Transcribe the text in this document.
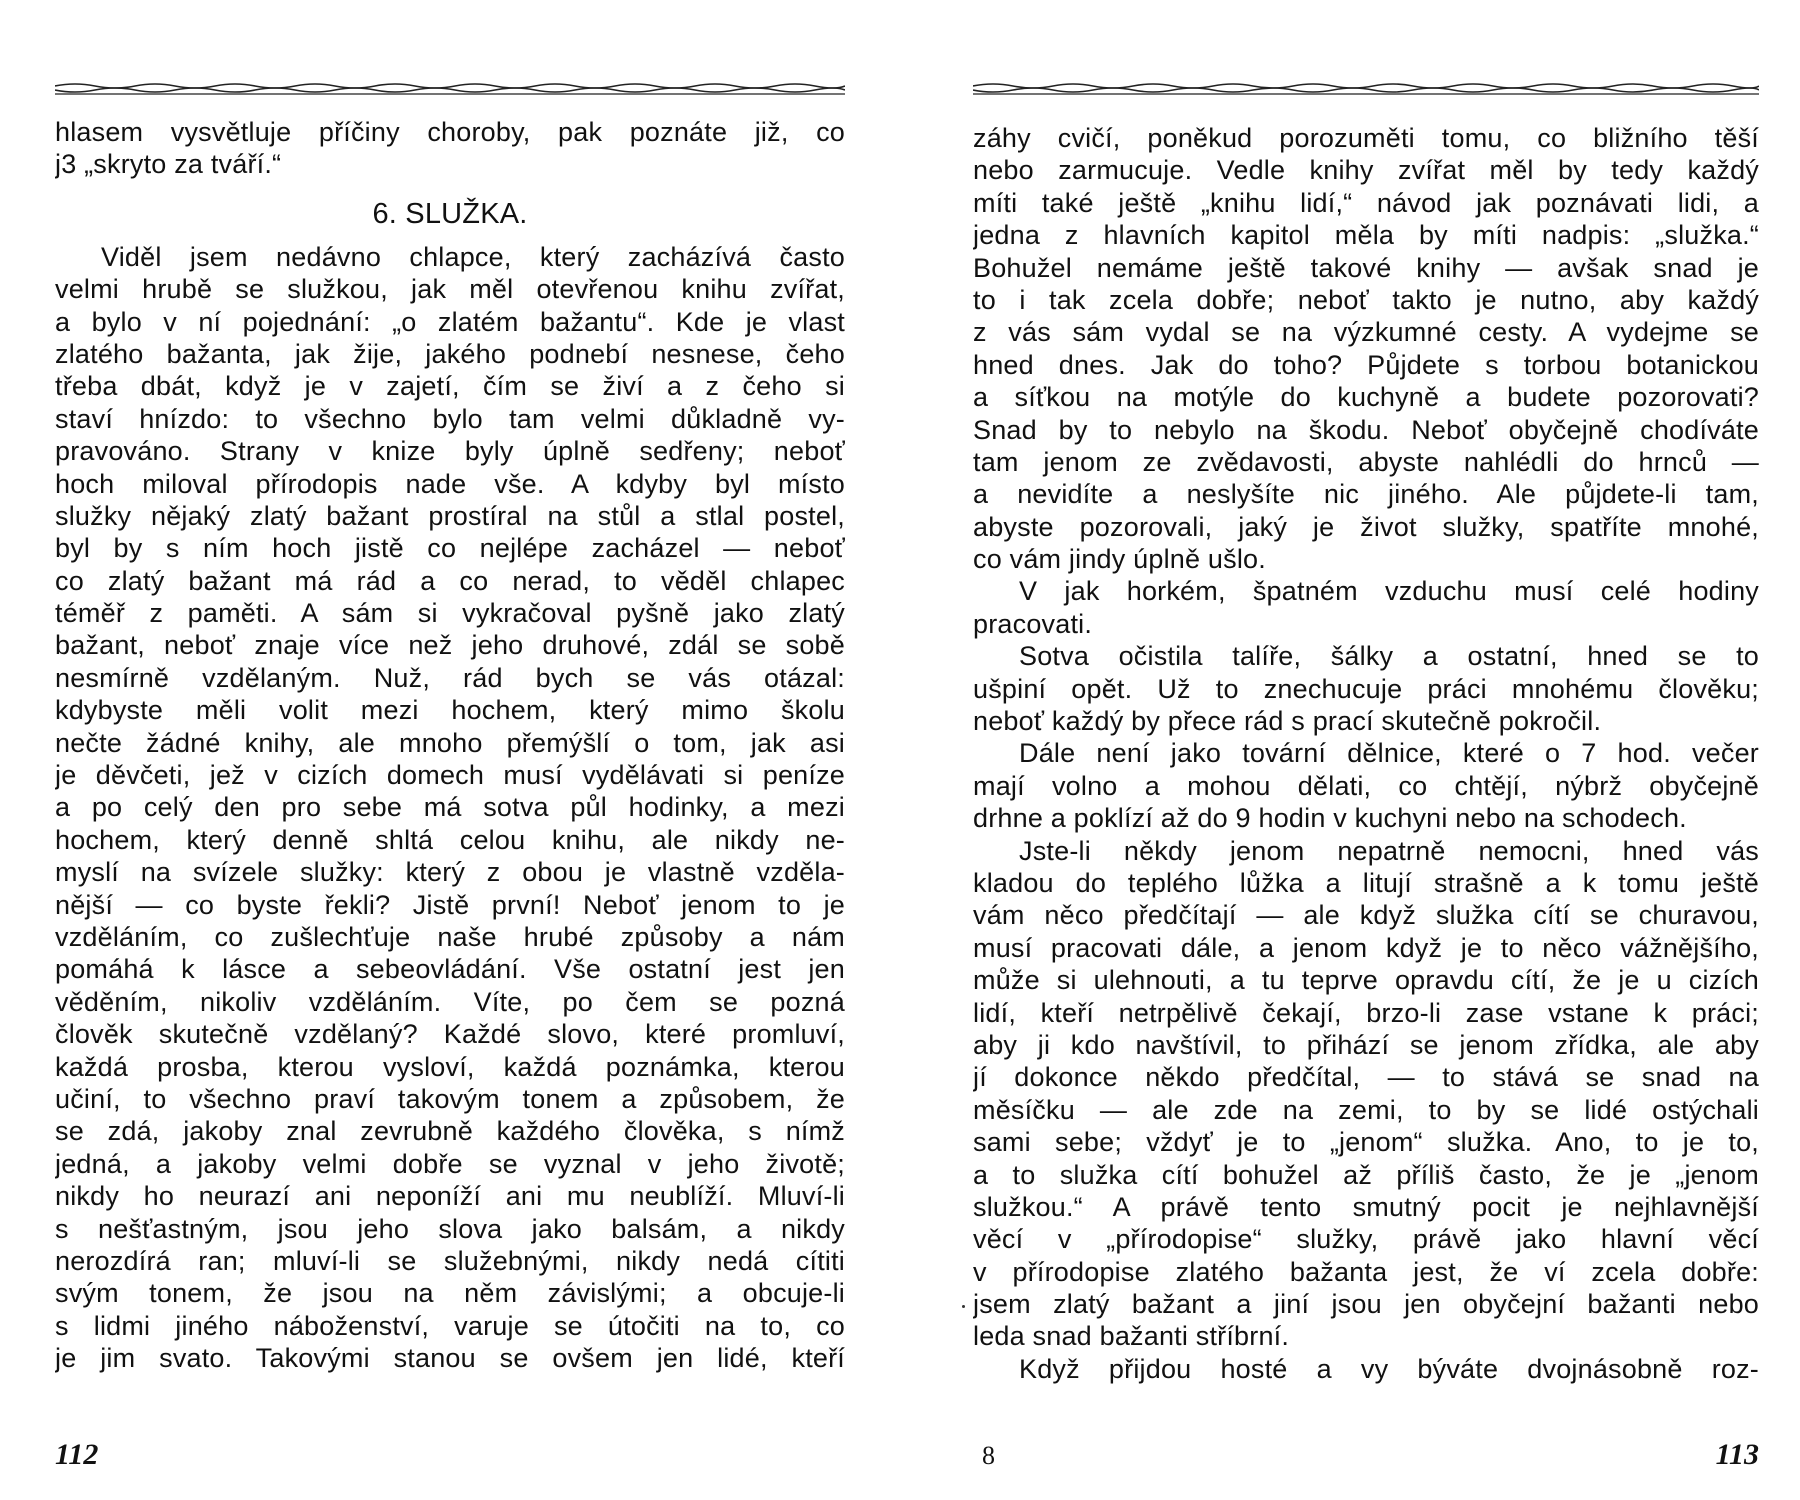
hlasem vysvětluje příčiny choroby, pak poznáte již, co
j3 „skryto za tváří.“
6. SLUŽKA.
Viděl jsem nedávno chlapce, který zacházívá často
velmi hrubě se služkou, jak měl otevřenou knihu zvířat,
a bylo v ní pojednání: „o zlatém bažantu“. Kde je vlast
zlatého bažanta, jak žije, jakého podnebí nesnese, čeho
třeba dbát, když je v zajetí, čím se živí a z čeho si
staví hnízdo: to všechno bylo tam velmi důkladně vy-
pravováno. Strany v knize byly úplně sedřeny; neboť
hoch miloval přírodopis nade vše. A kdyby byl místo
služky nějaký zlatý bažant prostíral na stůl a stlal postel,
byl by s ním hoch jistě co nejlépe zacházel — neboť
co zlatý bažant má rád a co nerad, to věděl chlapec
téměř z paměti. A sám si vykračoval pyšně jako zlatý
bažant, neboť znaje více než jeho druhové, zdál se sobě
nesmírně vzdělaným. Nuž, rád bych se vás otázal:
kdybyste měli volit mezi hochem, který mimo školu
nečte žádné knihy, ale mnoho přemýšlí o tom, jak asi
je děvčeti, jež v cizích domech musí vydělávati si peníze
a po celý den pro sebe má sotva půl hodinky, a mezi
hochem, který denně shltá celou knihu, ale nikdy ne-
myslí na svízele služky: který z obou je vlastně vzděla-
nější — co byste řekli? Jistě první! Neboť jenom to je
vzděláním, co zušlechťuje naše hrubé způsoby a nám
pomáhá k lásce a sebeovládání. Vše ostatní jest jen
věděním, nikoliv vzděláním. Víte, po čem se pozná
člověk skutečně vzdělaný? Každé slovo, které promluví,
každá prosba, kterou vysloví, každá poznámka, kterou
učiní, to všechno praví takovým tonem a způsobem, že
se zdá, jakoby znal zevrubně každého člověka, s nímž
jedná, a jakoby velmi dobře se vyznal v jeho životě;
nikdy ho neurazí ani neponíží ani mu neublíží. Mluví-li
s nešťastným, jsou jeho slova jako balsám, a nikdy
nerozdírá ran; mluví-li se služebnými, nikdy nedá cítiti
svým tonem, že jsou na něm závislými; a obcuje-li
s lidmi jiného náboženství, varuje se útočiti na to, co
je jim svato. Takovými stanou se ovšem jen lidé, kteří
112
záhy cvičí, poněkud porozuměti tomu, co bližního těší
nebo zarmucuje. Vedle knihy zvířat měl by tedy každý
míti také ještě „knihu lidí,“ návod jak poznávati lidi, a
jedna z hlavních kapitol měla by míti nadpis: „služka.“
Bohužel nemáme ještě takové knihy — avšak snad je
to i tak zcela dobře; neboť takto je nutno, aby každý
z vás sám vydal se na výzkumné cesty. A vydejme se
hned dnes. Jak do toho? Půjdete s torbou botanickou
a síťkou na motýle do kuchyně a budete pozorovati?
Snad by to nebylo na škodu. Neboť obyčejně chodíváte
tam jenom ze zvědavosti, abyste nahlédli do hrnců —
a nevidíte a neslyšíte nic jiného. Ale půjdete-li tam,
abyste pozorovali, jaký je život služky, spatříte mnohé,
co vám jindy úplně ušlo.
V jak horkém, špatném vzduchu musí celé hodiny
pracovati.
Sotva očistila talíře, šálky a ostatní, hned se to
ušpiní opět. Už to znechucuje práci mnohému člověku;
neboť každý by přece rád s prací skutečně pokročil.
Dále není jako tovární dělnice, které o 7 hod. večer
mají volno a mohou dělati, co chtějí, nýbrž obyčejně
drhne a poklízí až do 9 hodin v kuchyni nebo na schodech.
Jste-li někdy jenom nepatrně nemocni, hned vás
kladou do teplého lůžka a litují strašně a k tomu ještě
vám něco předčítají — ale když služka cítí se churavou,
musí pracovati dále, a jenom když je to něco vážnějšího,
může si ulehnouti, a tu teprve opravdu cítí, že je u cizích
lidí, kteří netrpělivě čekají, brzo-li zase vstane k práci;
aby ji kdo navštívil, to přihází se jenom zřídka, ale aby
jí dokonce někdo předčítal, — to stává se snad na
měsíčku — ale zde na zemi, to by se lidé ostýchali
sami sebe; vždyť je to „jenom“ služka. Ano, to je to,
a to služka cítí bohužel až příliš často, že je „jenom
služkou.“ A právě tento smutný pocit je nejhlavnější
věcí v „přírodopise“ služky, právě jako hlavní věcí
v přírodopise zlatého bažanta jest, že ví zcela dobře:
jsem zlatý bažant a jiní jsou jen obyčejní bažanti nebo
leda snad bažanti stříbrní.
Když přijdou hosté a vy býváte dvojnásobně roz-
113
8
